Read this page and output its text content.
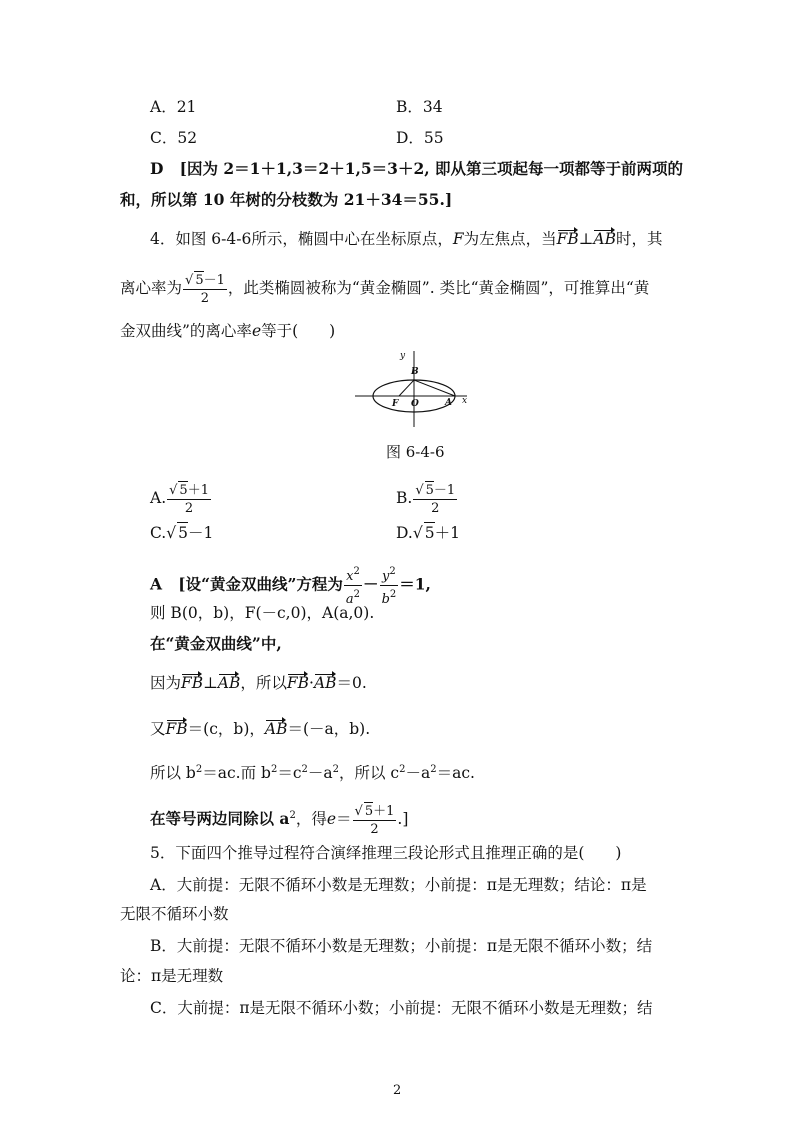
A．21	B．34
C．52	D．55
D [因为 2＝1＋1,3＝2＋1,5＝3＋2, 即从第三项起每一项都等于前两项的
和，所以第 10 年树的分枝数为 21＋34＝55.]
4．如图 6-4-6所示，椭圆中心在坐标原点，F为左焦点，当FB⊥AB时，其
离心率为 $\frac{√ 5-1}{2}$ ，此类椭圆被称为“黄金椭圆”. 类比“黄金椭圆”，可推算出“黄
金双曲线”的离心率e等于(　　)
y
x
B
F O	A
图 6-4-6
A. $\frac{√ 5+1}{2}$	B. $\frac{√ 5-1}{2}$
C.√ 5－1	D.√ 5＋1
A [设“黄金双曲线”方程为 $\frac{x^2}{a^2} - \frac{y^2}{b^2} =1$,
则 B(0，b)，F(－c,0)，A(a,0).
在“黄金双曲线”中,
因为FB⊥AB，所以FB·AB＝0.
又FB＝(c，b)，AB＝(－a，b).
所以 $b^2=ac$.而 $b^2=c^2-a^2$，所以 $c^2-a^2=ac$.
在等号两边同除以 $a^2$，得$e= \frac{√ 5+1}{2}$ .]
5．下面四个推导过程符合演绎推理三段论形式且推理正确的是(　　)
A．大前提：无限不循环小数是无理数；小前提：π是无理数；结论：π是
无限不循环小数
B．大前提：无限不循环小数是无理数；小前提：π是无限不循环小数；结
论：π是无理数
C．大前提：π是无限不循环小数；小前提：无限不循环小数是无理数；结
2
